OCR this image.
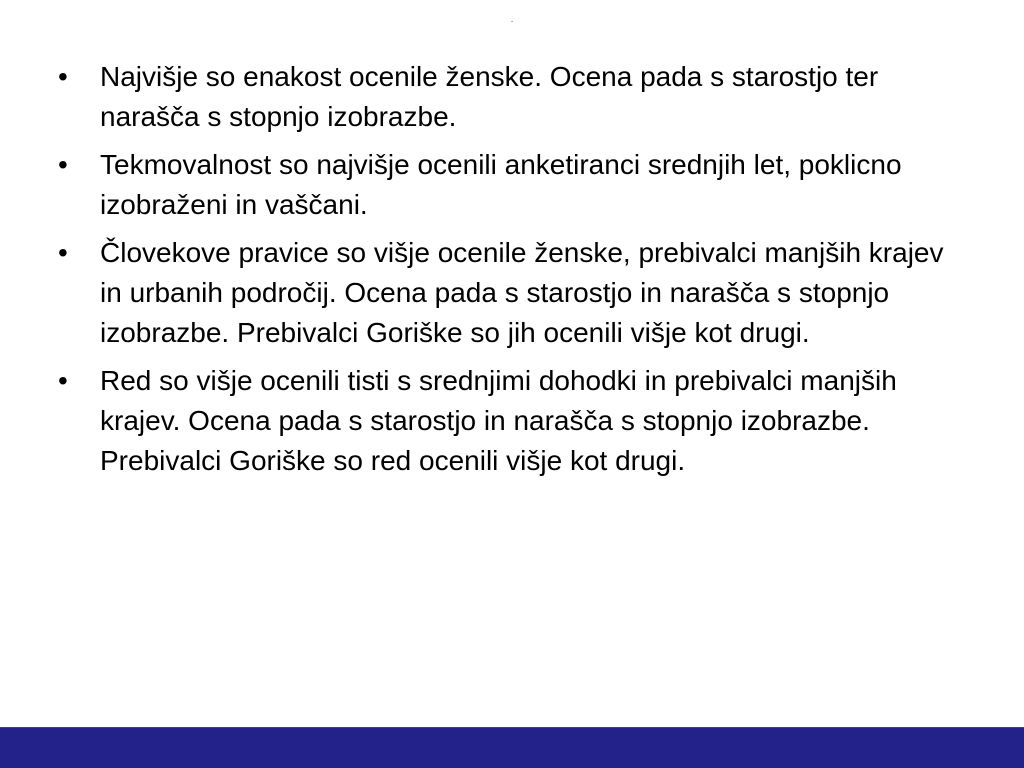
·
•	Najvišje so enakost ocenile ženske. Ocena pada s starostjo ter narašča s stopnjo izobrazbe.
•	Tekmovalnost so najvišje ocenili anketiranci srednjih let, poklicno izobraženi in vaščani.
•	Človekove pravice so višje ocenile ženske, prebivalci manjših krajev in urbanih področij. Ocena pada s starostjo in narašča s stopnjo izobrazbe. Prebivalci Goriške so jih ocenili višje kot drugi.
•	Red so višje ocenili tisti s srednjimi dohodki in prebivalci manjših krajev. Ocena pada s starostjo in narašča s stopnjo izobrazbe. Prebivalci Goriške so red ocenili višje kot drugi.
